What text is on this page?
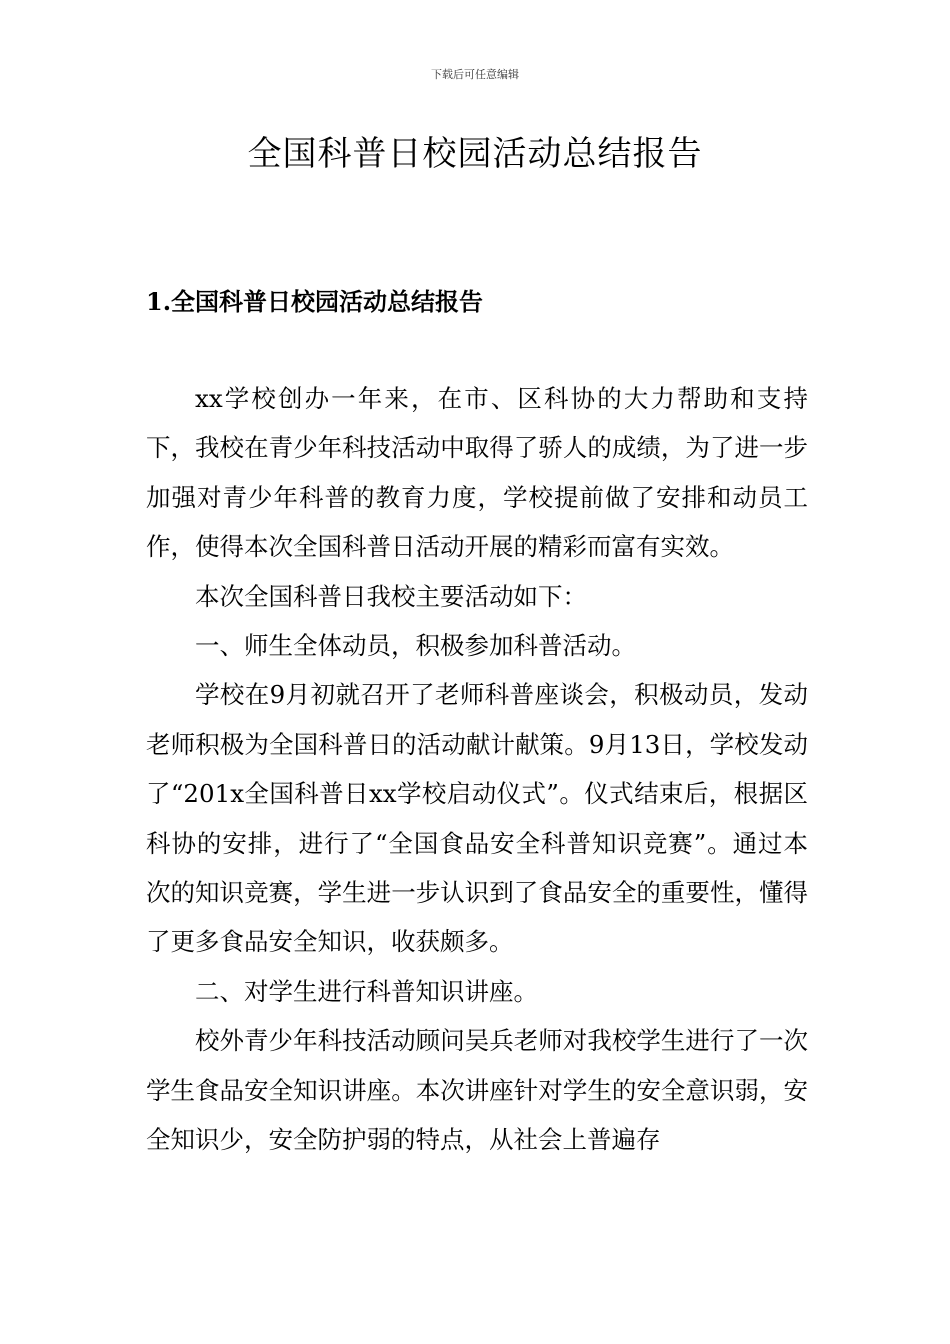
下载后可任意编辑
全国科普日校园活动总结报告
1.全国科普日校园活动总结报告

xx学校创办一年来，在市、区科协的大力帮助和支持下，我校在青少年科技活动中取得了骄人的成绩，为了进一步加强对青少年科普的教育力度，学校提前做了安排和动员工作，使得本次全国科普日活动开展的精彩而富有实效。

本次全国科普日我校主要活动如下：

一、师生全体动员，积极参加科普活动。

学校在9月初就召开了老师科普座谈会，积极动员，发动老师积极为全国科普日的活动献计献策。9月13日，学校发动了“201x全国科普日xx学校启动仪式”。仪式结束后，根据区科协的安排，进行了“全国食品安全科普知识竞赛”。通过本次的知识竞赛，学生进一步认识到了食品安全的重要性，懂得了更多食品安全知识，收获颇多。

二、对学生进行科普知识讲座。

校外青少年科技活动顾问吴兵老师对我校学生进行了一次学生食品安全知识讲座。本次讲座针对学生的安全意识弱，安全知识少，安全防护弱的特点，从社会上普遍存
